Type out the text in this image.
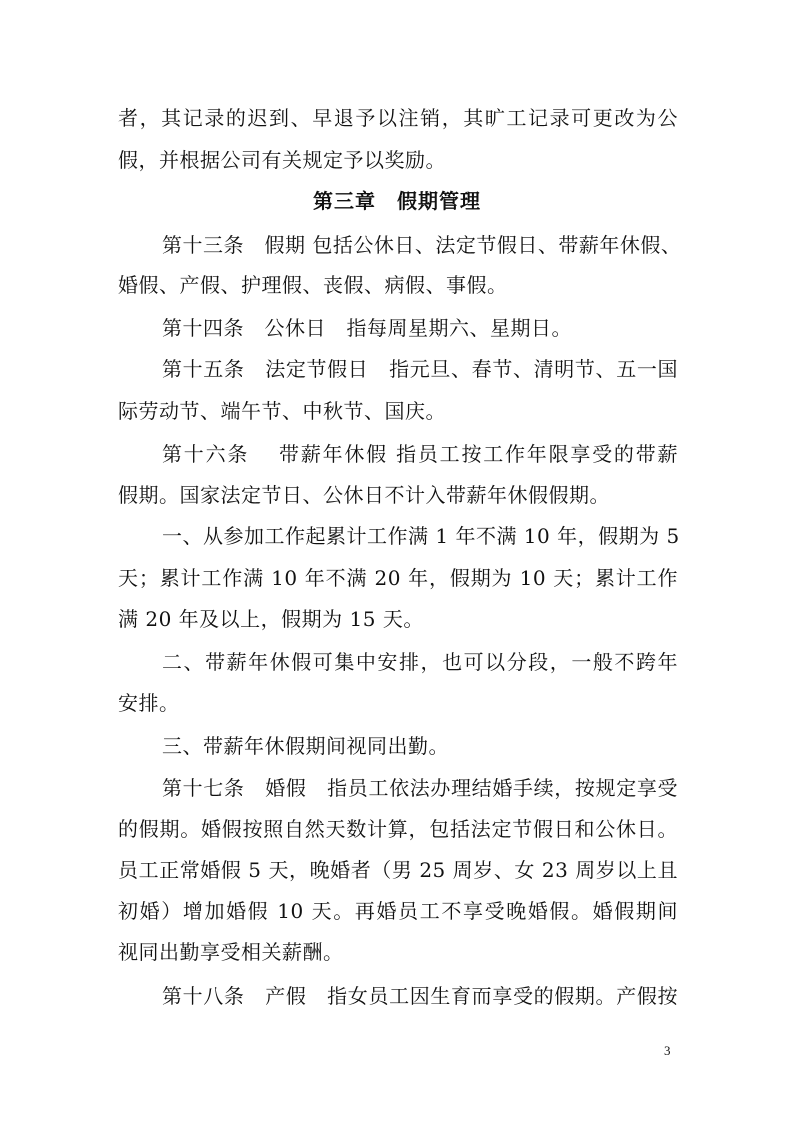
者，其记录的迟到、早退予以注销，其旷工记录可更改为公
假，并根据公司有关规定予以奖励。
第三章　假期管理
第十三条　假期 包括公休日、法定节假日、带薪年休假、
婚假、产假、护理假、丧假、病假、事假。
第十四条　公休日　指每周星期六、星期日。
第十五条　法定节假日　指元旦、春节、清明节、五一国
际劳动节、端午节、中秋节、国庆。
第十六条　 带薪年休假 指员工按工作年限享受的带薪
假期。国家法定节日、公休日不计入带薪年休假假期。
一、从参加工作起累计工作满 1 年不满 10 年，假期为 5
天；累计工作满 10 年不满 20 年，假期为 10 天；累计工作
满 20 年及以上，假期为 15 天。
二、带薪年休假可集中安排，也可以分段，一般不跨年
安排。
三、带薪年休假期间视同出勤。
第十七条　婚假　指员工依法办理结婚手续，按规定享受
的假期。婚假按照自然天数计算，包括法定节假日和公休日。
员工正常婚假 5 天，晚婚者（男 25 周岁、女 23 周岁以上且
初婚）增加婚假 10 天。再婚员工不享受晚婚假。婚假期间
视同出勤享受相关薪酬。
第十八条　产假　指女员工因生育而享受的假期。产假按
3
